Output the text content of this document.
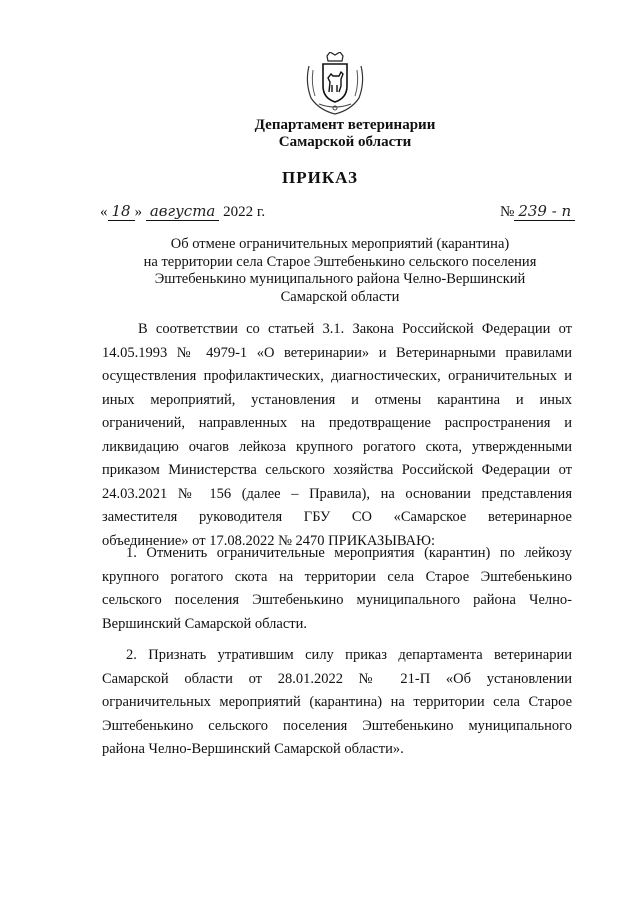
Департамент ветеринарии
Самарской области
ПРИКАЗ
« 18 » августа 2022 г.	№ 239 - п
Об отмене ограничительных мероприятий (карантина)
на территории села Старое Эштебенькино сельского поселения
Эштебенькино муниципального района Челно-Вершинский
Самарской области
В соответствии со статьей 3.1. Закона Российской Федерации от 14.05.1993 № 4979-1 «О ветеринарии» и Ветеринарными правилами осуществления профилактических, диагностических, ограничительных и иных мероприятий, установления и отмены карантина и иных ограничений, направленных на предотвращение распространения и ликвидацию очагов лейкоза крупного рогатого скота, утвержденными приказом Министерства сельского хозяйства Российской Федерации от 24.03.2021 № 156 (далее – Правила), на основании представления заместителя руководителя ГБУ СО «Самарское ветеринарное объединение» от 17.08.2022 № 2470 ПРИКАЗЫВАЮ:
1. Отменить ограничительные мероприятия (карантин) по лейкозу крупного рогатого скота на территории села Старое Эштебенькино сельского поселения Эштебенькино муниципального района Челно-Вершинский Самарской области.
2. Признать утратившим силу приказ департамента ветеринарии Самарской области от 28.01.2022 № 21-П «Об установлении ограничительных мероприятий (карантина) на территории села Старое Эштебенькино сельского поселения Эштебенькино муниципального района Челно-Вершинский Самарской области».
